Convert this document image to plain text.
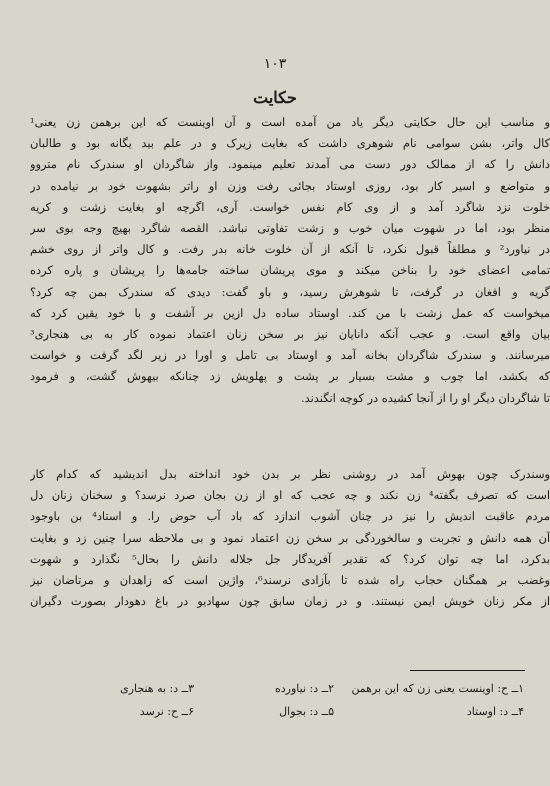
۱۰۳
حکایت
و مناسب این حال حکایتی دیگر یاد من آمده است و آن اوینست که این برهمن زن یعنی¹
کال واتر، بشن سوامی نام شوهری داشت که بغایت زیرک و در علم بید یگانه بود و طالبان
دانش را که از ممالک دور دست می آمدند تعلیم مینمود. واز شاگردان او سندرک نام متروو
و متواضع و اسیر کار بود، روزی اوستاد بجائی رفت وزن او راتر بشهوت خود بر نیامده در
خلوت نزد شاگرد آمد و از وی کام نفس خواست. آری، اگرچه او بغایت زشت و کریه
منظر بود، اما در شهوت میان خوب و زشت تفاوتی نباشد. القصه شاگرد بهیچ وجه بوی سر
در نیاورد² و مطلقاً قبول نکرد، تا آنکه از آن خلوت خانه بدر رفت. و کال واتر از روی خشم
تمامی اعضای خود را بناخن میکند و موی پریشان ساخته جامه‌ها را پریشان و پاره کرده
گریه و افغان در گرفت، تا شوهرش رسید، و باو گفت: دیدی که سندرک بمن چه کرد؟
میخواست که عمل زشت با من کند. اوستاد ساده دل ازین بر آشفت و با خود یقین کرد که
بیان واقع است. و عجب آنکه دانایان نیز بر سخن زنان اعتماد نموده کار به بی هنجاری³
میرسانند. و سندرک شاگردان بخانه آمد و اوستاد بی تامل و اورا در زیر لگد گرفت و خواست
که بکشد، اما چوب و مشت بسیار بر پشت و پهلویش زد چنانکه بیهوش گشت، و فرمود
تا شاگردان دیگر او را از آنجا کشیده در کوچه انگندند.
وسندرک چون بهوش آمد در روشنی نظر بر بدن خود انداخته بدل اندیشید که کدام کار
است که تصرف بگفته⁴ زن نکند و چه عجب که او از زن بجان صرد نرسد؟ و سخنان زنان دل
مردم عاقبت اندیش را نیز در چنان آشوب اندازد که باد آب حوض را. و استاد⁴ بن باوجود
آن همه دانش و تجربت و سالخوردگی بر سخن زن اعتماد نمود و بی ملاحظه سرا چنین زد و بغایت
بدکرد، اما چه توان کرد؟ که تقدیر آفریدگار جل جلاله دانش را بحال⁵ نگذارد و شهوت
وغضب بر همگنان حجاب راه شده تا بآزادی نرسند⁶، واژین است که زاهدان و مرتاضان نیز
از مکر زنان خویش ایمن نیستند. و در زمان سابق چون سهادیو در باغ دهودار بصورت دگیران
۱ــ ح: اوینست یعنی زن که این برهمن
۲ــ د: نیاورده
۳ــ د: به هنجاری
۴ــ د: اوستاد
۵ــ د: بجوال
۶ــ ح: نرسد
